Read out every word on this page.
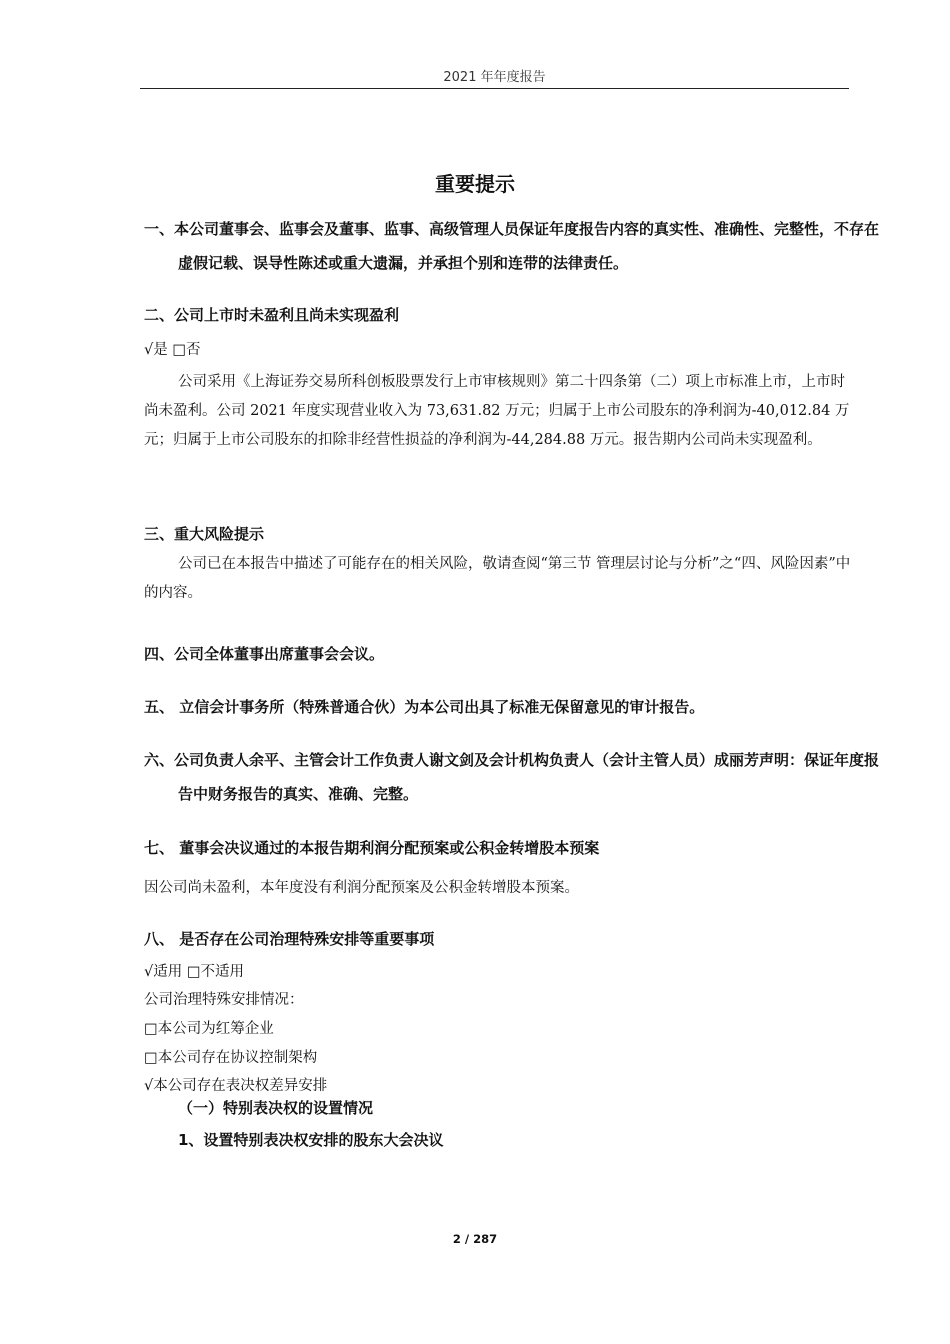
2021 年年度报告
重要提示
一、本公司董事会、监事会及董事、监事、高级管理人员保证年度报告内容的真实性、准确性、完整性，不存在虚假记载、误导性陈述或重大遗漏，并承担个别和连带的法律责任。
二、公司上市时未盈利且尚未实现盈利
√是 □否
公司采用《上海证券交易所科创板股票发行上市审核规则》第二十四条第（二）项上市标准上市，上市时尚未盈利。公司 2021 年度实现营业收入为 73,631.82 万元；归属于上市公司股东的净利润为-40,012.84 万元；归属于上市公司股东的扣除非经营性损益的净利润为-44,284.88 万元。报告期内公司尚未实现盈利。
三、重大风险提示
公司已在本报告中描述了可能存在的相关风险，敬请查阅“第三节 管理层讨论与分析”之“四、风险因素”中的内容。
四、公司全体董事出席董事会会议。
五、 立信会计事务所（特殊普通合伙）为本公司出具了标准无保留意见的审计报告。
六、公司负责人余平、主管会计工作负责人谢文剑及会计机构负责人（会计主管人员）成丽芳声明：保证年度报告中财务报告的真实、准确、完整。
七、 董事会决议通过的本报告期利润分配预案或公积金转增股本预案
因公司尚未盈利，本年度没有利润分配预案及公积金转增股本预案。
八、 是否存在公司治理特殊安排等重要事项
√适用 □不适用
公司治理特殊安排情况：
□本公司为红筹企业
□本公司存在协议控制架构
√本公司存在表决权差异安排
（一）特别表决权的设置情况
1、设置特别表决权安排的股东大会决议
2 / 287
